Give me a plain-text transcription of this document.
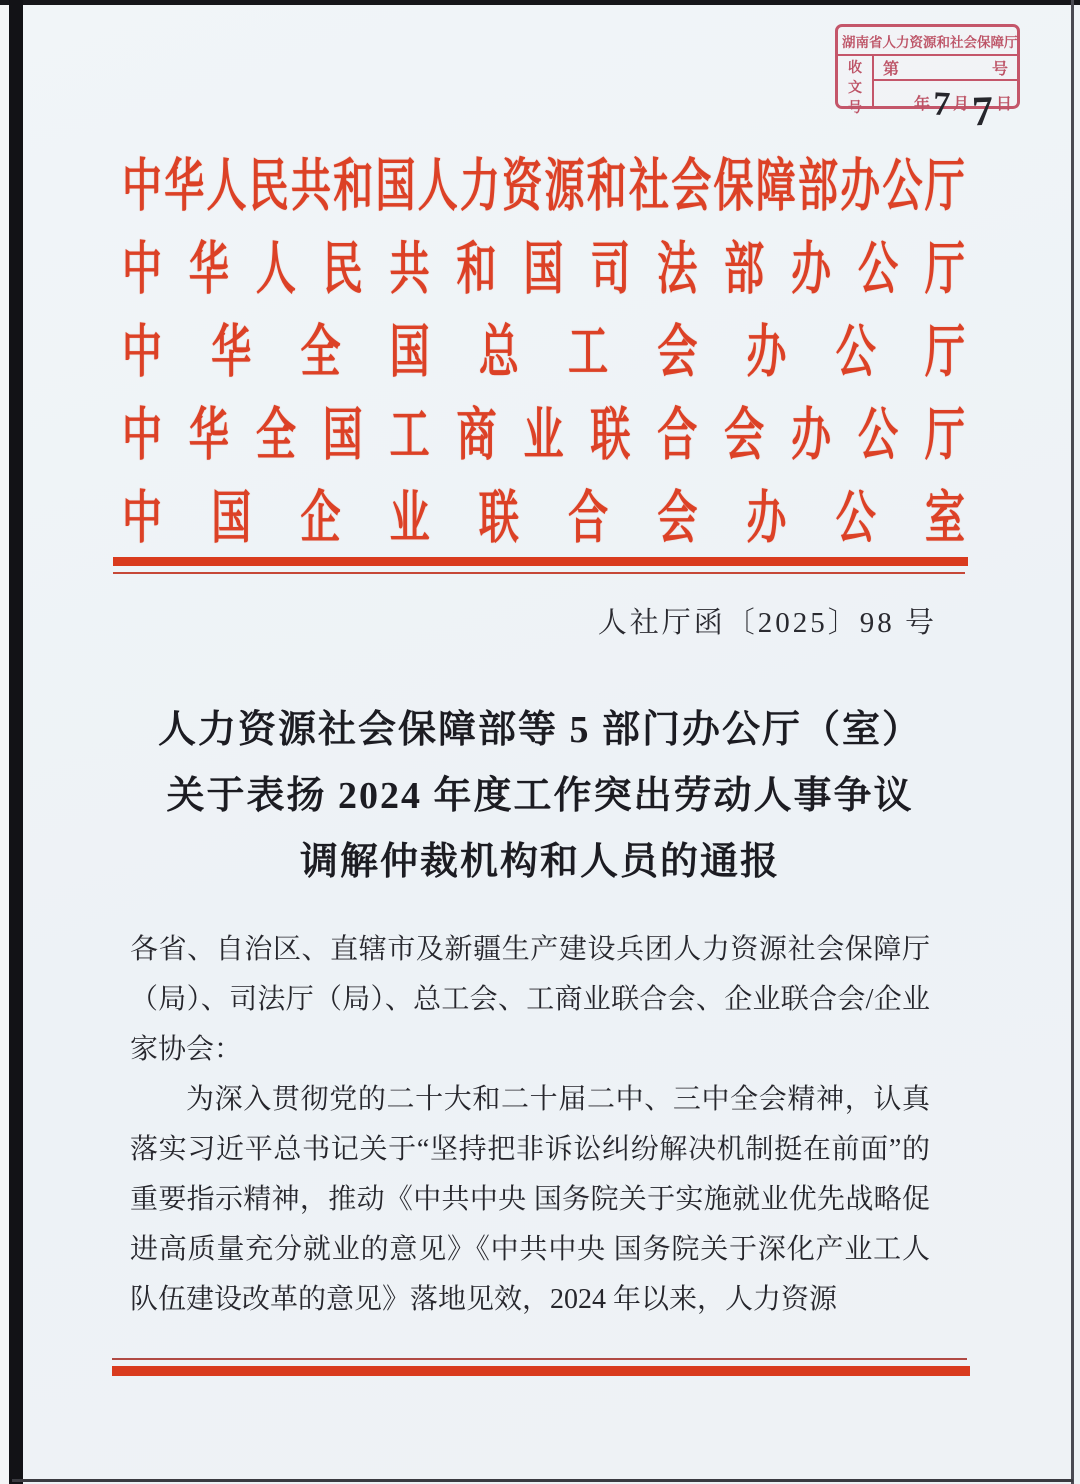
湖 南 省 人 力 资 源 和 社 会 保 障 厅
收
文
号
第	号
年 7 月 7 日
中 华 人 民 共 和 国 人 力 资 源 和 社 会 保 障 部 办 公 厅
中 华 人 民 共 和 国 司 法 部 办 公 厅
中 华 全 国 总 工 会 办 公 厅
中 华 全 国 工 商 业 联 合 会 办 公 厅
中 国 企 业 联 合 会 办 公 室
人社厅函〔2025〕98 号
人力资源社会保障部等 5 部门办公厅（室）
关于表扬 2024 年度工作突出劳动人事争议
调解仲裁机构和人员的通报

各省、自治区、直辖市及新疆生产建设兵团人力资源社会保障厅（局）、司法厅（局）、总工会、工商业联合会、企业联合会/企业家协会：

为深入贯彻党的二十大和二十届二中、三中全会精神，认真落实习近平总书记关于“坚持把非诉讼纠纷解决机制挺在前面”的重要指示精神，推动《中共中央 国务院关于实施就业优先战略促进高质量充分就业的意见》《中共中央 国务院关于深化产业工人队伍建设改革的意见》落地见效，2024 年以来，人力资源
